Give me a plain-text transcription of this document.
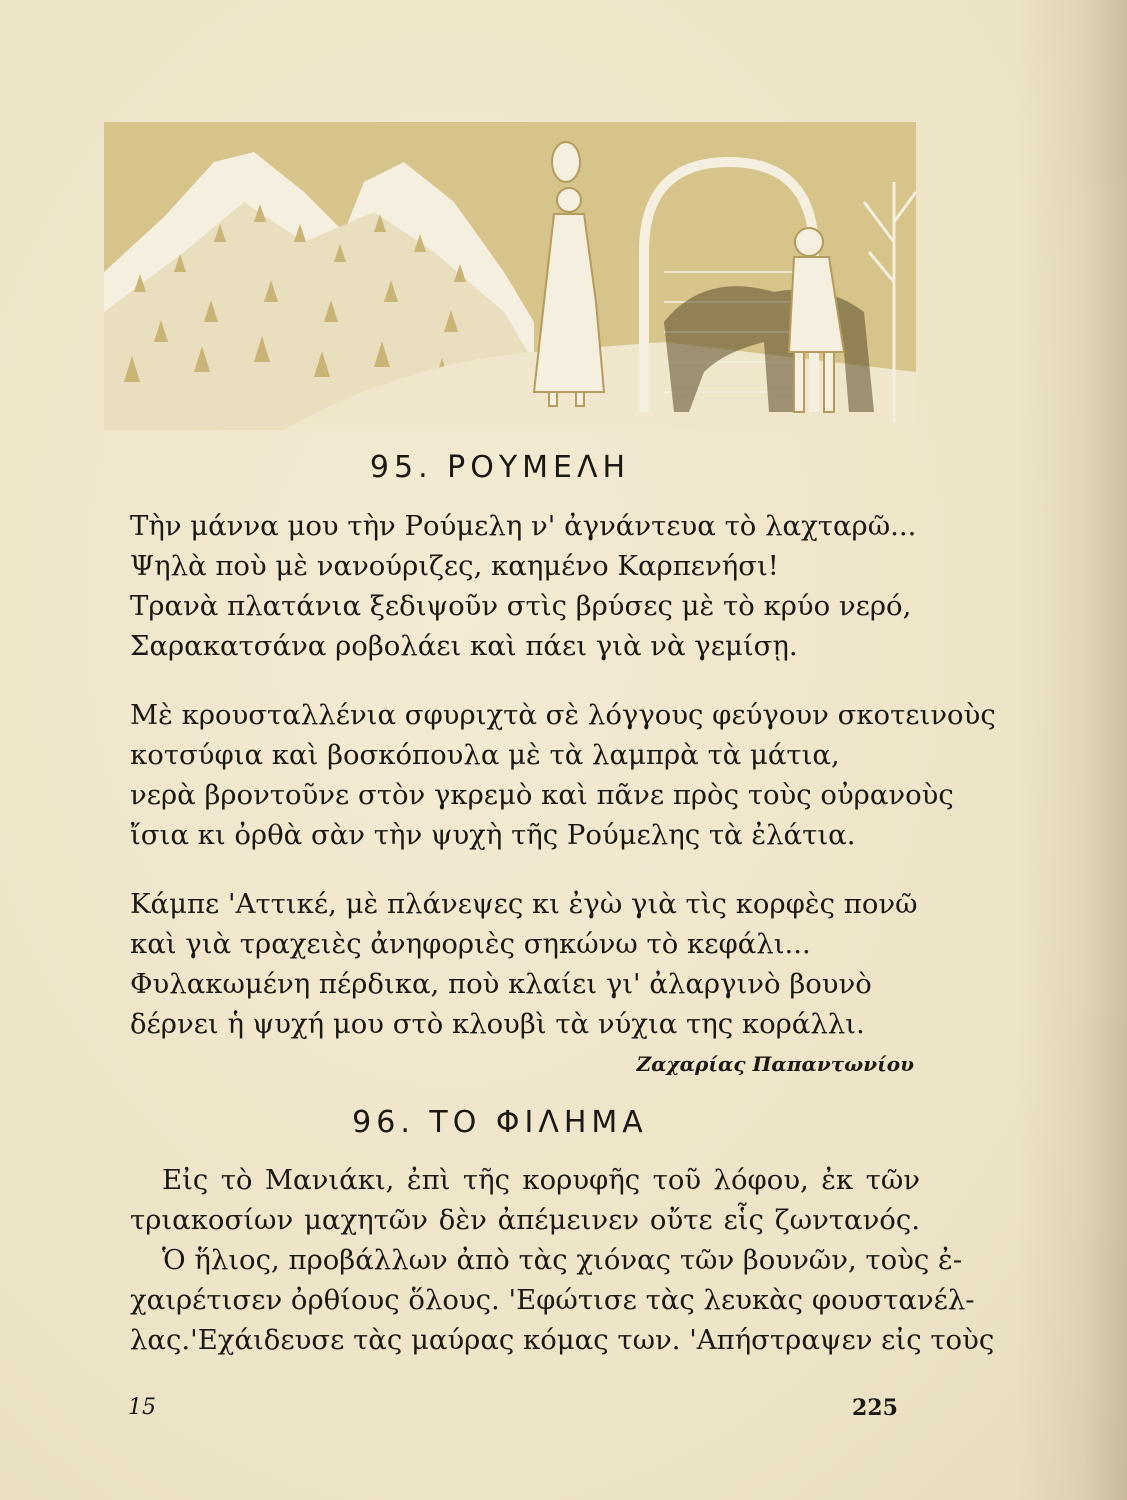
95. ΡΟΥΜΕΛΗ
Τὴν μάννα μου τὴν Ρούμελη ν' ἀγνάντευα τὸ λαχταρῶ...
Ψηλὰ ποὺ μὲ νανούριζες, καημένο Καρπενήσι!
Τρανὰ πλατάνια ξεδιψοῦν στὶς βρύσες μὲ τὸ κρύο νερό,
Σαρακατσάνα ροβολάει καὶ πάει γιὰ νὰ γεμίσῃ.
Μὲ κρουσταλλένια σφυριχτὰ σὲ λόγγους φεύγουν σκοτεινοὺς
κοτσύφια καὶ βοσκόπουλα μὲ τὰ λαμπρὰ τὰ μάτια,
νερὰ βροντοῦνε στὸν γκρεμὸ καὶ πᾶνε πρὸς τοὺς οὐρανοὺς
ἴσια κι ὀρθὰ σὰν τὴν ψυχὴ τῆς Ρούμελης τὰ ἐλάτια.
Κάμπε 'Αττικέ, μὲ πλάνεψες κι ἐγὼ γιὰ τὶς κορφὲς πονῶ
καὶ γιὰ τραχειὲς ἀνηφοριὲς σηκώνω τὸ κεφάλι...
Φυλακωμένη πέρδικα, ποὺ κλαίει γι' ἀλαργινὸ βουνὸ
δέρνει ἡ ψυχή μου στὸ κλουβὶ τὰ νύχια της κοράλλι.
Ζαχαρίας Παπαντωνίου
96. ΤΟ ΦΙΛΗΜΑ
Εἰς τὸ Μανιάκι, ἐπὶ τῆς κορυφῆς τοῦ λόφου, ἐκ τῶν
τριακοσίων μαχητῶν δὲν ἀπέμεινεν οὔτε εἷς ζωντανός.
Ὁ ἥλιος, προβάλλων ἀπὸ τὰς χιόνας τῶν βουνῶν, τοὺς ἐ-
χαιρέτισεν ὀρθίους ὅλους. 'Εφώτισε τὰς λευκὰς φουστανέλ-
λας.'Εχάιδευσε τὰς μαύρας κόμας των. 'Απήστραψεν εἰς τοὺς
15	225
